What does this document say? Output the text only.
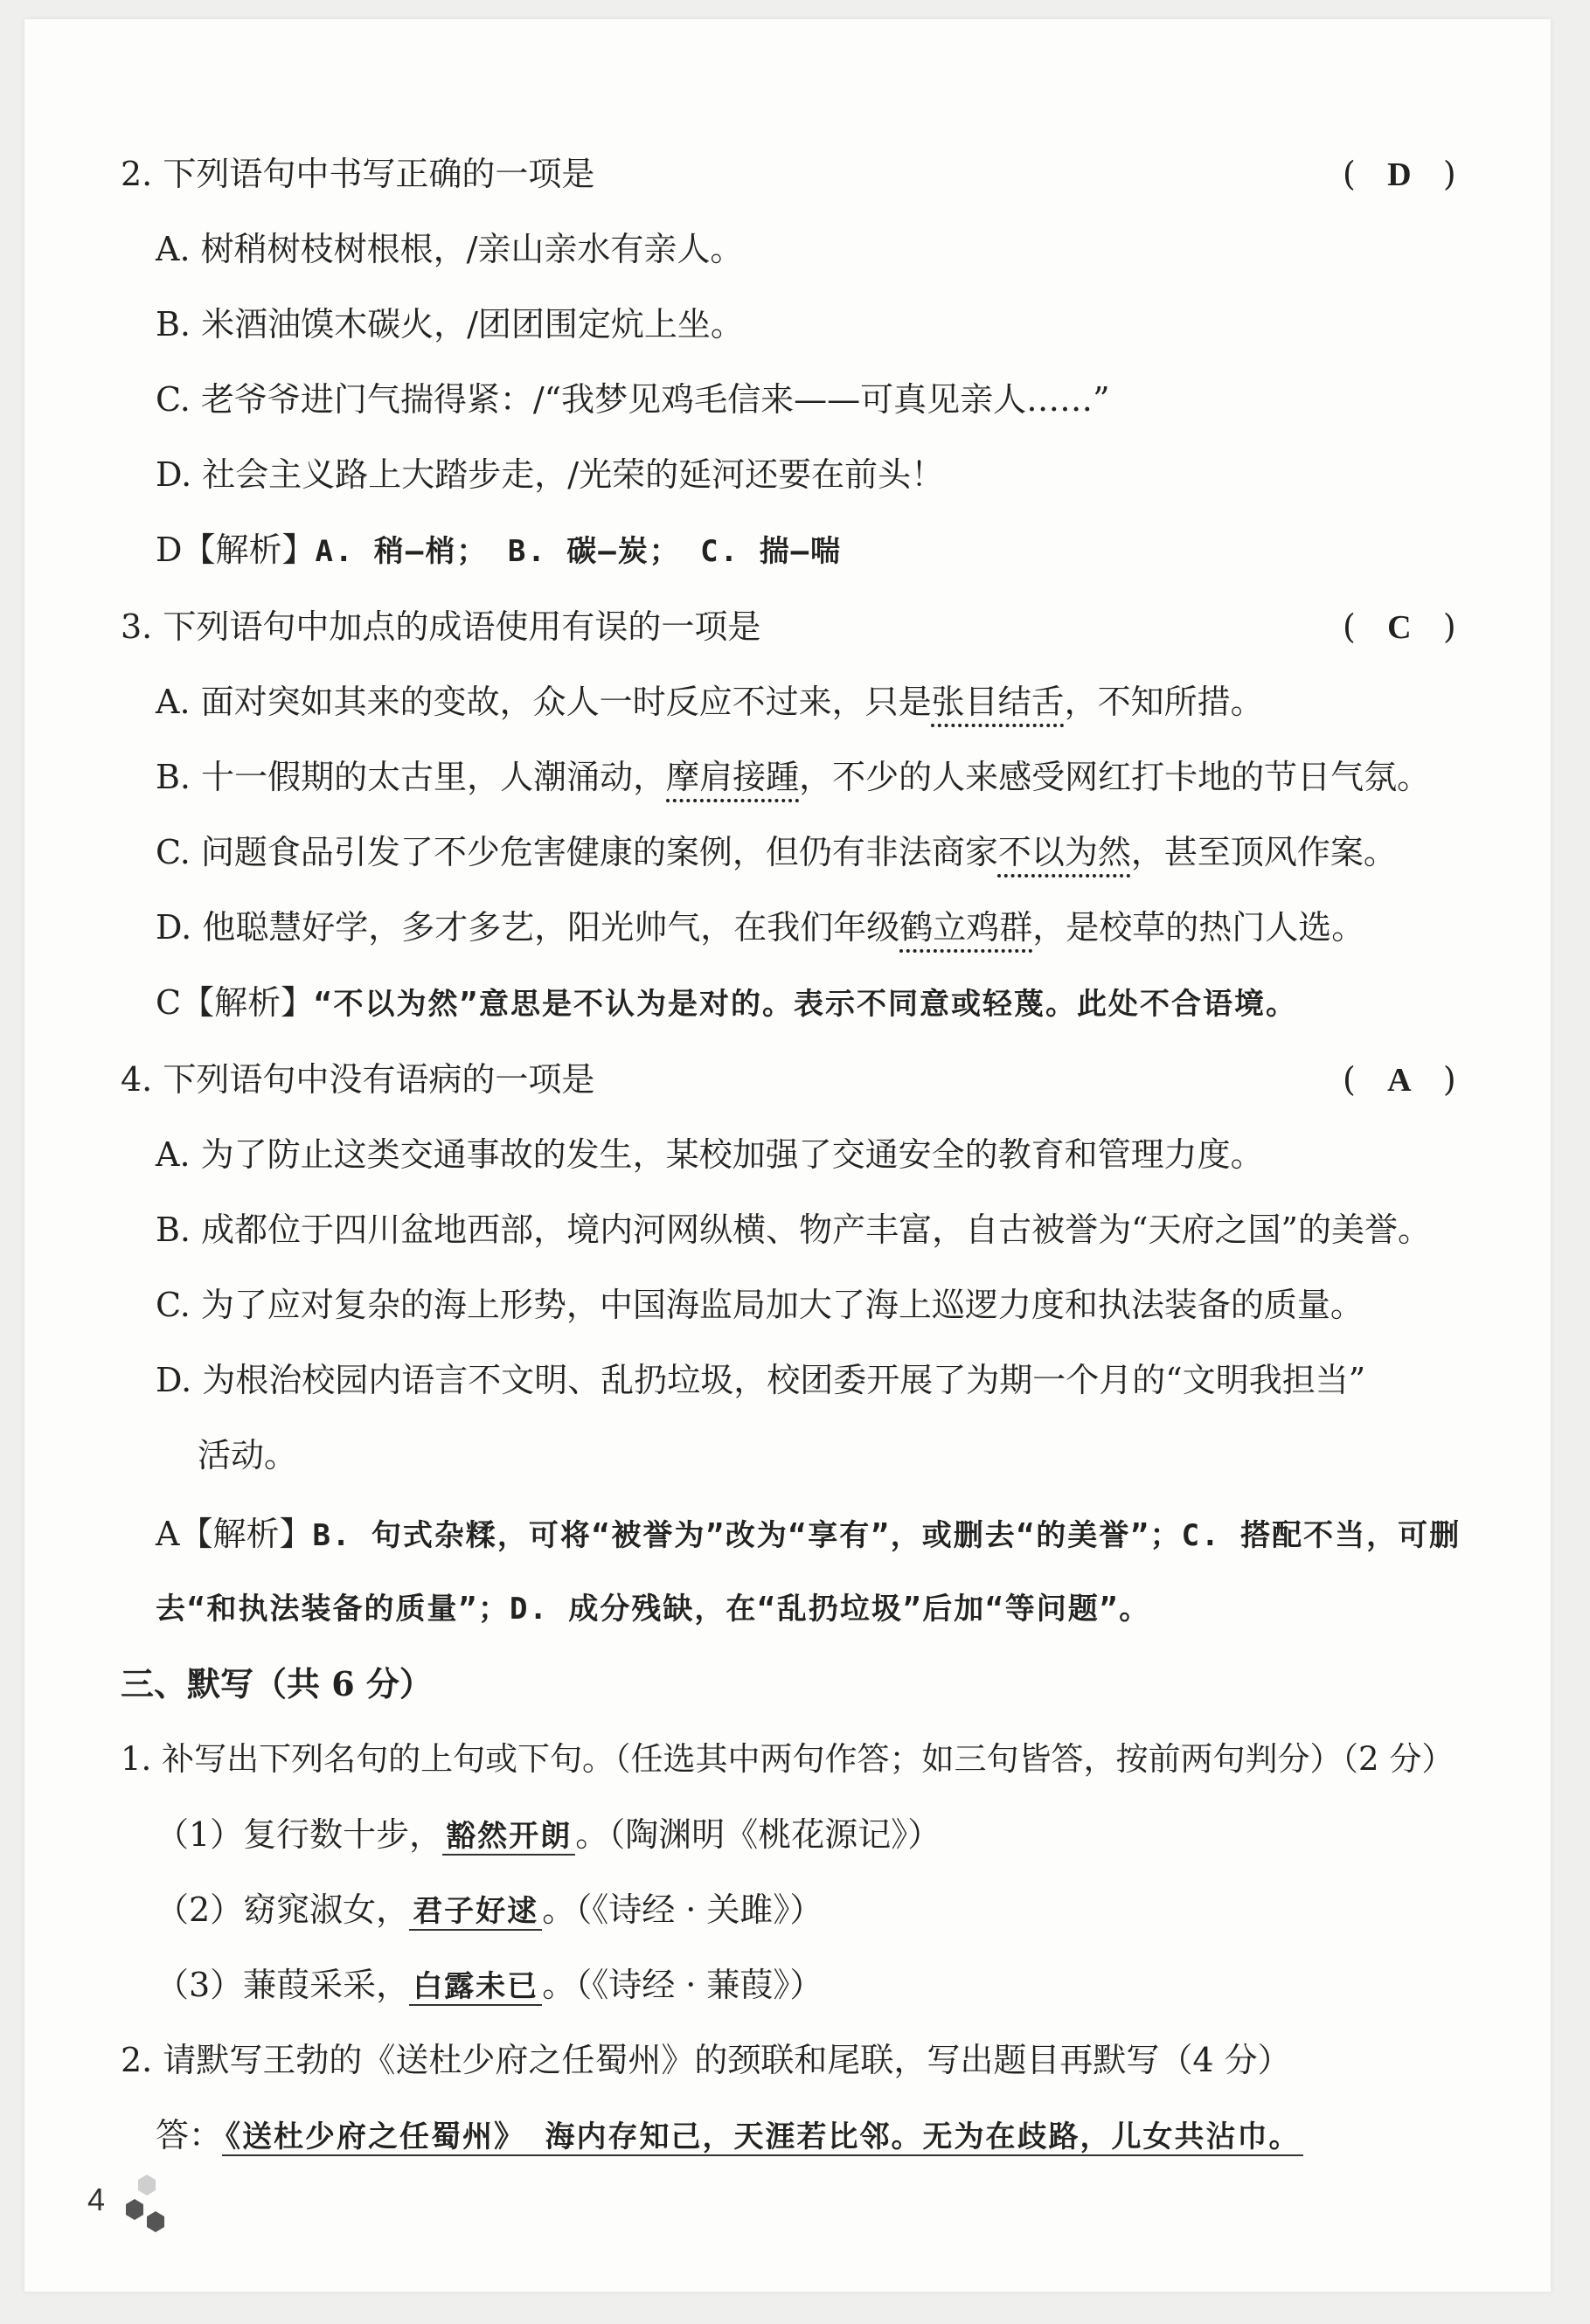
2. 下列语句中书写正确的一项是	( D )
A. 树稍树枝树根根，/亲山亲水有亲人。
B. 米酒油馍木碳火，/团团围定炕上坐。
C. 老爷爷进门气揣得紧：/“我梦见鸡毛信来——可真见亲人……”
D. 社会主义路上大踏步走，/光荣的延河还要在前头！
D【解析】A. 稍—梢； B. 碳—炭； C. 揣—喘
3. 下列语句中加点的成语使用有误的一项是	( C )
A. 面对突如其来的变故，众人一时反应不过来，只是张目结舌，不知所措。
B. 十一假期的太古里，人潮涌动，摩肩接踵，不少的人来感受网红打卡地的节日气氛。
C. 问题食品引发了不少危害健康的案例，但仍有非法商家不以为然，甚至顶风作案。
D. 他聪慧好学，多才多艺，阳光帅气，在我们年级鹤立鸡群，是校草的热门人选。
C【解析】“不以为然”意思是不认为是对的。表示不同意或轻蔑。此处不合语境。
4. 下列语句中没有语病的一项是	( A )
A. 为了防止这类交通事故的发生，某校加强了交通安全的教育和管理力度。
B. 成都位于四川盆地西部，境内河网纵横、物产丰富，自古被誉为“天府之国”的美誉。
C. 为了应对复杂的海上形势，中国海监局加大了海上巡逻力度和执法装备的质量。
D. 为根治校园内语言不文明、乱扔垃圾，校团委开展了为期一个月的“文明我担当”
活动。
A【解析】B. 句式杂糅，可将“被誉为”改为“享有”，或删去“的美誉”；C. 搭配不当，可删
去“和执法装备的质量”；D. 成分残缺，在“乱扔垃圾”后加“等问题”。
三、默写（共 6 分）
1. 补写出下列名句的上句或下句。（任选其中两句作答；如三句皆答，按前两句判分）（2 分）
（1）复行数十步， 豁然开朗 。（陶渊明《桃花源记》）
（2）窈窕淑女， 君子好逑 。（《诗经 · 关雎》）
（3）蒹葭采采， 白露未已 。（《诗经 · 蒹葭》）
2. 请默写王勃的《送杜少府之任蜀州》的颈联和尾联，写出题目再默写（4 分）
答： 《送杜少府之任蜀州》 海内存知己，天涯若比邻。无为在歧路，儿女共沾巾。
4
